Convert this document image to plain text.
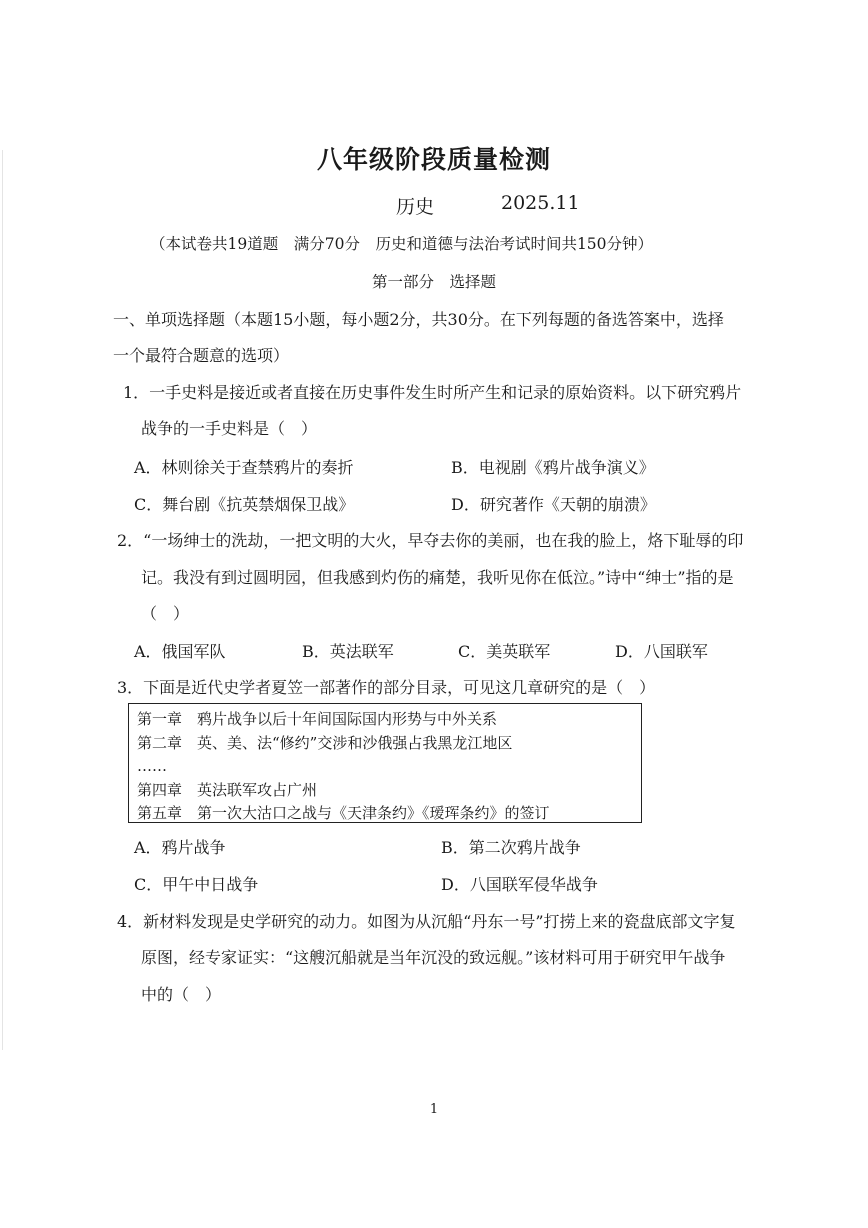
八年级阶段质量检测
历史	2025.11
（本试卷共19道题　满分70分　历史和道德与法治考试时间共150分钟）
第一部分　选择题
一、单项选择题（本题15小题，每小题2分，共30分。在下列每题的备选答案中，选择
一个最符合题意的选项）
1．一手史料是接近或者直接在历史事件发生时所产生和记录的原始资料。以下研究鸦片
战争的一手史料是（　）
A．林则徐关于查禁鸦片的奏折	B．电视剧《鸦片战争演义》
C．舞台剧《抗英禁烟保卫战》	D．研究著作《天朝的崩溃》
2．“一场绅士的洗劫，一把文明的大火，早夺去你的美丽，也在我的脸上，烙下耻辱的印
记。我没有到过圆明园，但我感到灼伤的痛楚，我听见你在低泣。”诗中“绅士”指的是
（　）
A．俄国军队	B．英法联军	C．美英联军	D．八国联军
3．下面是近代史学者夏笠一部著作的部分目录，可见这几章研究的是（　）
第一章　鸦片战争以后十年间国际国内形势与中外关系
第二章　英、美、法“修约”交涉和沙俄强占我黑龙江地区
……
第四章　英法联军攻占广州
第五章　第一次大沽口之战与《天津条约》《瑷珲条约》的签订
A．鸦片战争	B．第二次鸦片战争
C．甲午中日战争	D．八国联军侵华战争
4．新材料发现是史学研究的动力。如图为从沉船“丹东一号”打捞上来的瓷盘底部文字复
原图，经专家证实：“这艘沉船就是当年沉没的致远舰。”该材料可用于研究甲午战争
中的（　）
1
